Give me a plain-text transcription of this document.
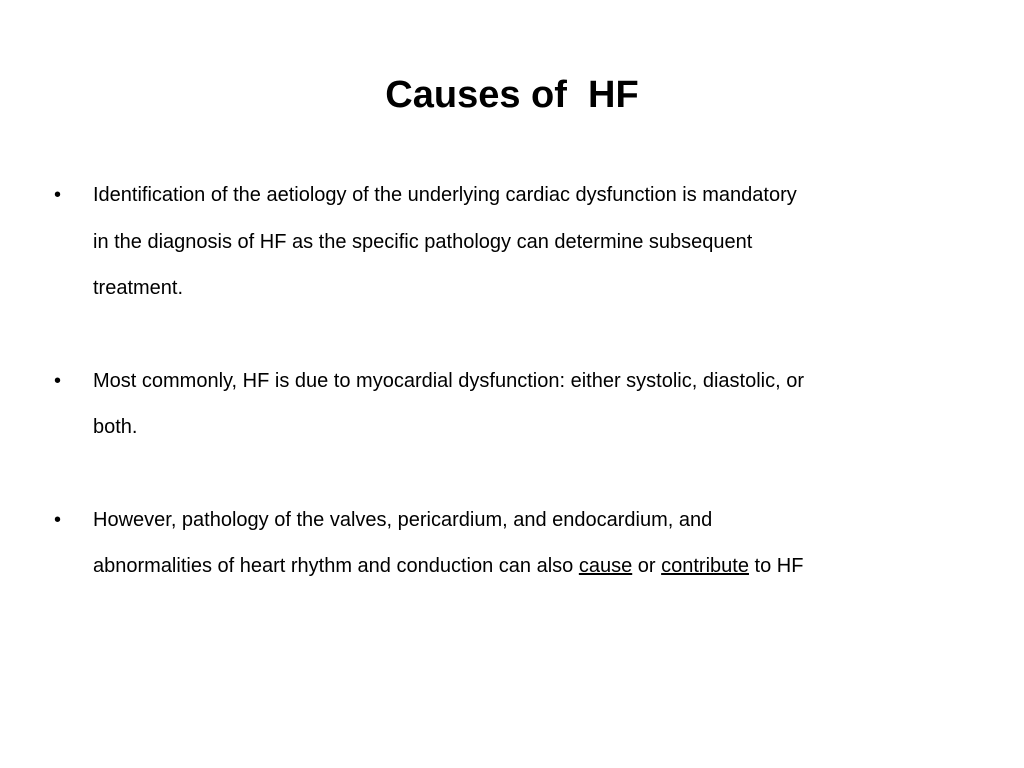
Causes of  HF
• Identification of the aetiology of the underlying cardiac dysfunction is mandatory
in the diagnosis of HF as the specific pathology can determine subsequent
treatment.
• Most commonly, HF is due to myocardial dysfunction: either systolic, diastolic, or
both.
• However, pathology of the valves, pericardium, and endocardium, and
abnormalities of heart rhythm and conduction can also cause or contribute to HF
